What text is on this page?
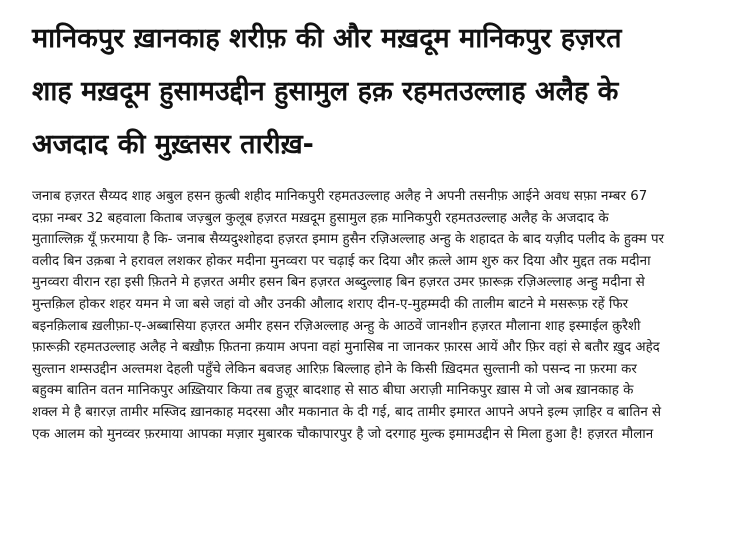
मानिकपुर ख़ानकाह शरीफ़ की और मख़दूम मानिकपुर हज़रत
शाह मख़दूम हुसामउद्दीन हुसामुल हक़ रहमतउल्लाह अलैह के
अजदाद की मुख़्तसर तारीख़-
जनाब हज़रत सैय्यद शाह अबुल हसन क़ुत्बी शहीद मानिकपुरी रहमतउल्लाह अलैह ने अपनी तसनीफ़ आईने अवध सफ़ा नम्बर 67
दफ़ा नम्बर 32 बहवाला किताब जज़्बुल कुलूब हज़रत मख़दूम हुसामुल हक़ मानिकपुरी रहमतउल्लाह अलैह के अजदाद के
मुतााल्लिक़ यूँ फ़रमाया है कि- जनाब सैय्यदुश्शोहदा हज़रत इमाम हुसैन रज़िअल्लाह अन्हु के शहादत के बाद यज़ीद पलीद के हुक्म पर
वलीद बिन उक़बा ने हरावल लशकर होकर मदीना मुनव्वरा पर चढ़ाई कर दिया और क़त्ले आम शुरु कर दिया और मुद्दत तक मदीना
मुनव्वरा वीरान रहा इसी फ़ितने मे हज़रत अमीर हसन बिन हज़रत अब्दुल्लाह बिन हज़रत उमर फ़ारूक़ रज़िअल्लाह अन्हु मदीना से
मुन्तक़िल होकर शहर यमन मे जा बसे जहां वो और उनकी औलाद शराए दीन-ए-मुहम्मदी की तालीम बाटने मे मसरूफ़ रहें फिर
बइनक़िलाब ख़लीफ़ा-ए-अब्बासिया हज़रत अमीर हसन रज़िअल्लाह अन्हु के आठवें जानशीन हज़रत मौलाना शाह इस्माईल क़ुरैशी
फ़ारूक़ी रहमतउल्लाह अलैह ने बख़ौफ़ फ़ितना क़याम अपना वहां मुनासिब ना जानकर फ़ारस आयें और फ़िर वहां से बतौर ख़ुद अहेद
सुल्तान शम्सउद्दीन अल्तमश देहली पहुँचे लेकिन बवजह आरिफ़ बिल्लाह होने के किसी ख़िदमत सुल्तानी को पसन्द ना फ़रमा कर
बहुक्म बातिन वतन मानिकपुर अख़्तियार किया तब हुज़ूर बादशाह से साठ बीघा अराज़ी मानिकपुर ख़ास मे जो अब ख़ानकाह के
शक्ल मे है बग़रज़ तामीर मस्जिद ख़ानकाह मदरसा और मकानात के दी गई, बाद तामीर इमारत आपने अपने इल्म ज़ाहिर व बातिन से
एक आलम को मुनव्वर फ़रमाया आपका मज़ार मुबारक चौकापारपुर है जो दरगाह मुल्क इमामउद्दीन से मिला हुआ है! हज़रत मौलान
